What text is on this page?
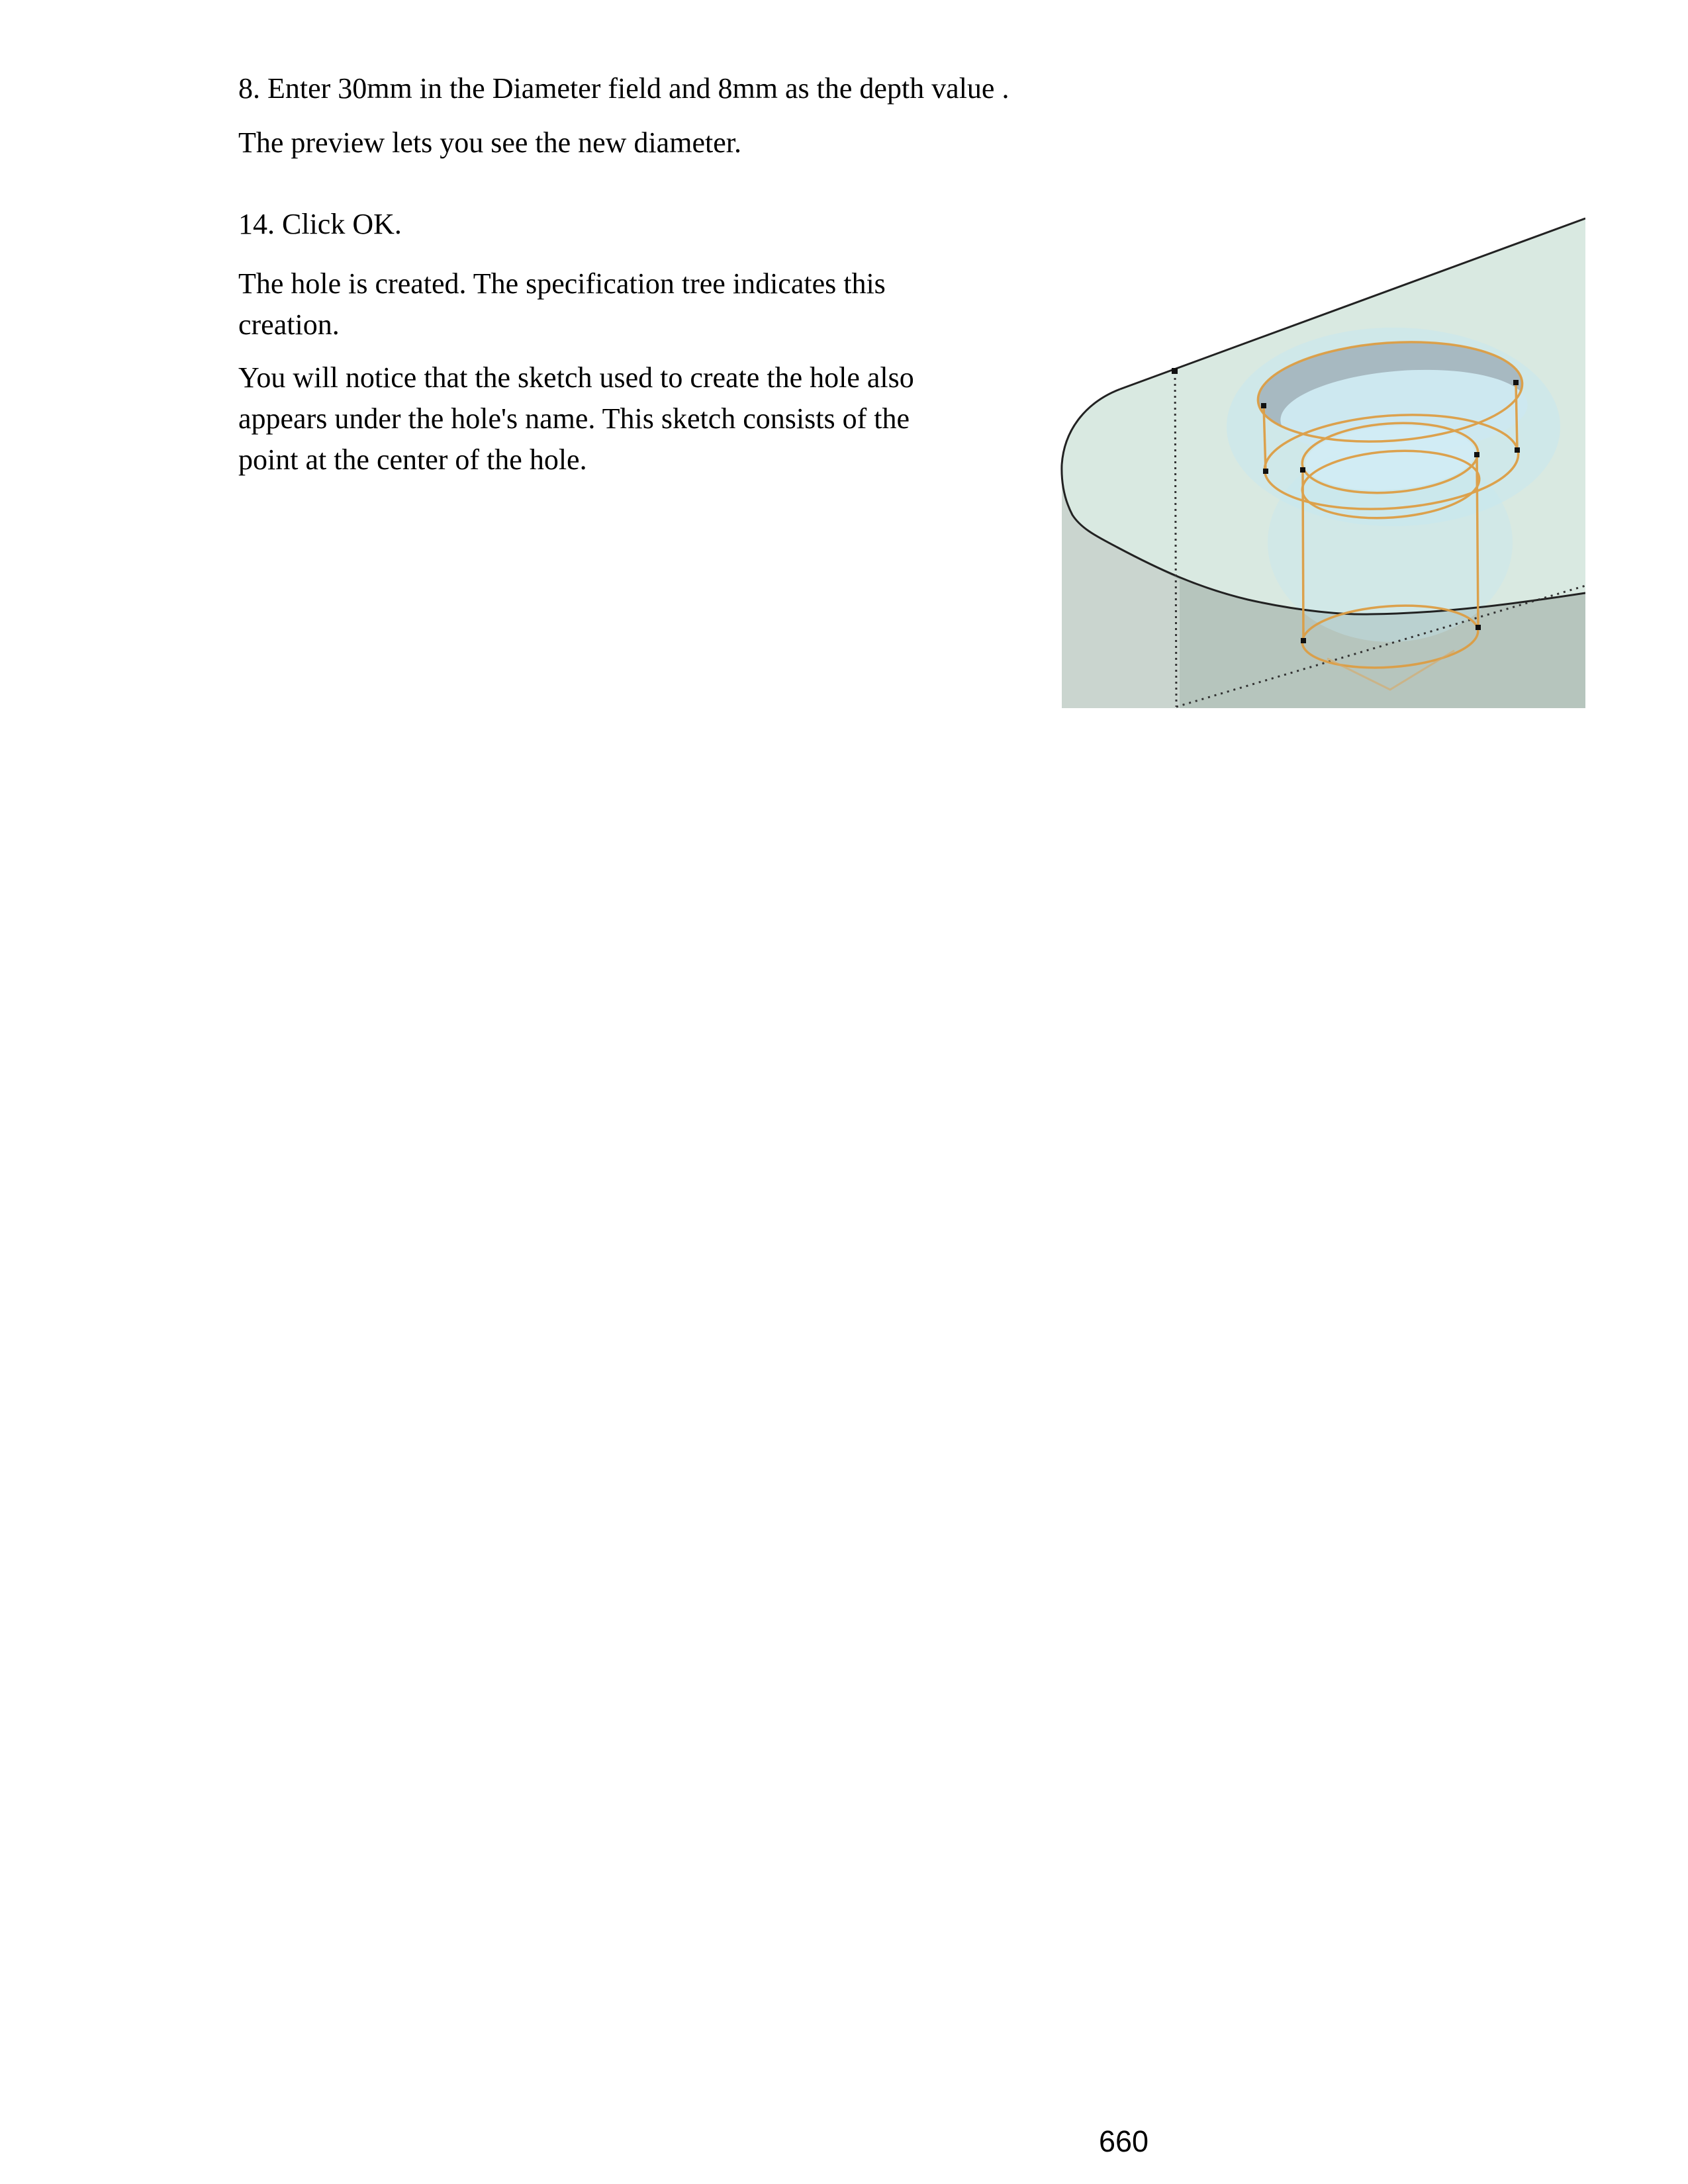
8. Enter 30mm in the Diameter field and 8mm as the depth value .
The preview lets you see the new diameter.
14. Click OK.
The hole is created. The specification tree indicates this
creation.
You will notice that the sketch used to create the hole also
appears under the hole's name. This sketch consists of the
point at the center of the hole.
660
